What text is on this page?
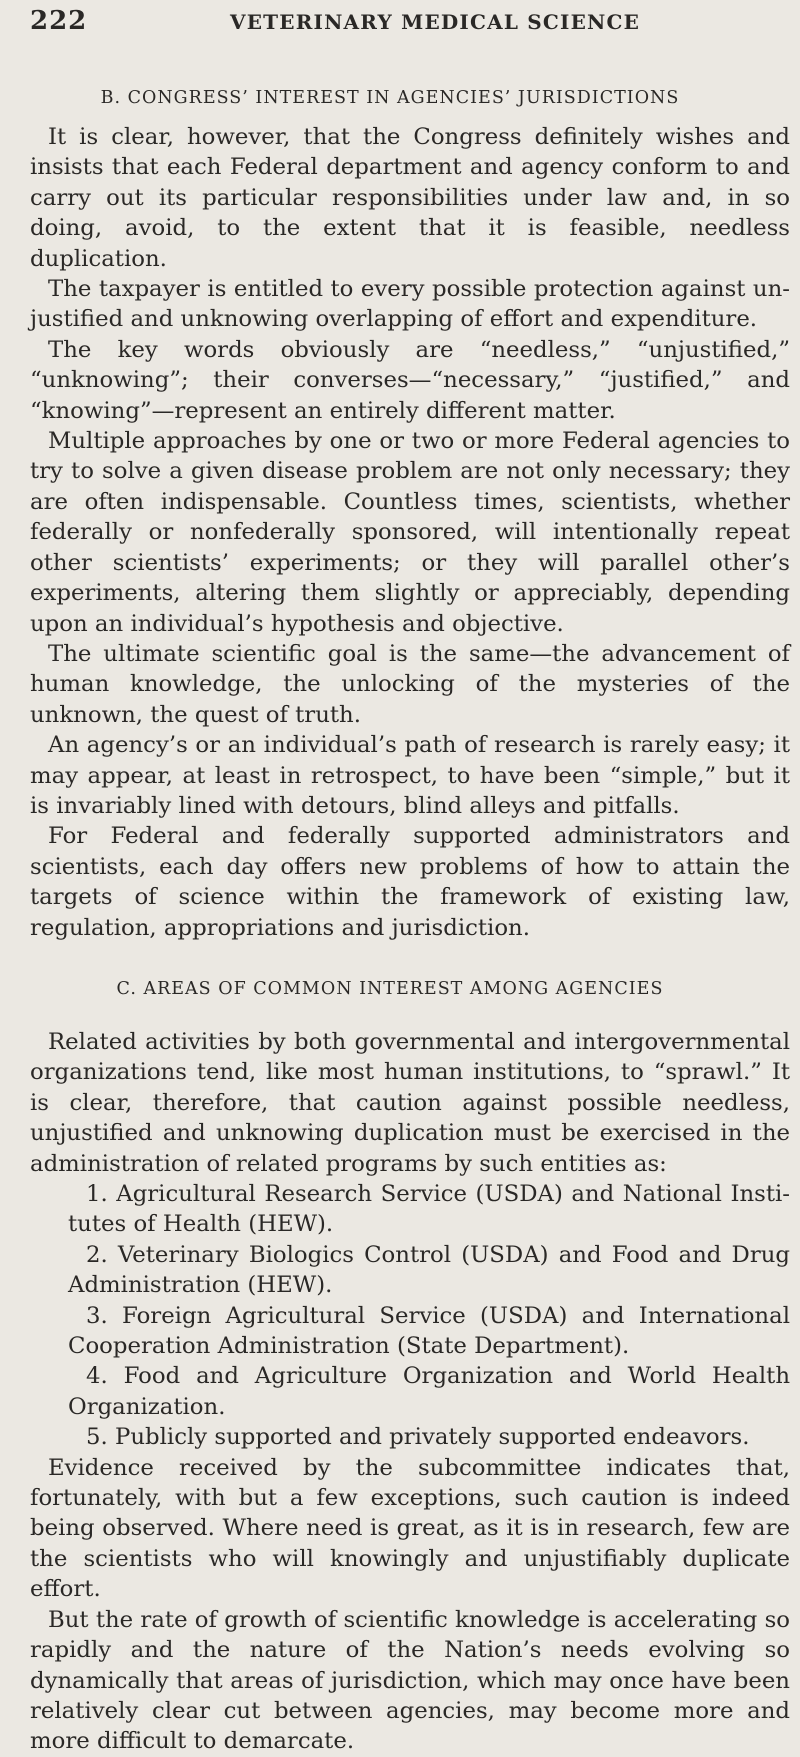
222	VETERINARY MEDICAL SCIENCE
B. CONGRESS’ INTEREST IN AGENCIES’ JURISDICTIONS

It is clear, however, that the Congress definitely wishes and insists that each Federal department and agency conform to and carry out its particular responsibilities under law and, in so doing, avoid, to the extent that it is feasible, needless duplication.

The taxpayer is entitled to every possible protection against unjustified and unknowing overlapping of effort and expenditure.

The key words obviously are “needless,” “unjustified,” “unknowing”; their converses—“necessary,” “justified,” and “knowing”—represent an entirely different matter.

Multiple approaches by one or two or more Federal agencies to try to solve a given disease problem are not only necessary; they are often indispensable. Countless times, scientists, whether federally or nonfederally sponsored, will intentionally repeat other scientists’ experiments; or they will parallel other’s experiments, altering them slightly or appreciably, depending upon an individual’s hypothesis and objective.

The ultimate scientific goal is the same—the advancement of human knowledge, the unlocking of the mysteries of the unknown, the quest of truth.

An agency’s or an individual’s path of research is rarely easy; it may appear, at least in retrospect, to have been “simple,” but it is invariably lined with detours, blind alleys and pitfalls.

For Federal and federally supported administrators and scientists, each day offers new problems of how to attain the targets of science within the framework of existing law, regulation, appropriations and jurisdiction.

C. AREAS OF COMMON INTEREST AMONG AGENCIES

Related activities by both governmental and intergovernmental organizations tend, like most human institutions, to “sprawl.” It is clear, therefore, that caution against possible needless, unjustified and unknowing duplication must be exercised in the administration of related programs by such entities as:

1. Agricultural Research Service (USDA) and National Institutes of Health (HEW).

2. Veterinary Biologics Control (USDA) and Food and Drug Administration (HEW).

3. Foreign Agricultural Service (USDA) and International Cooperation Administration (State Department).

4. Food and Agriculture Organization and World Health Organization.

5. Publicly supported and privately supported endeavors.

Evidence received by the subcommittee indicates that, fortunately, with but a few exceptions, such caution is indeed being observed. Where need is great, as it is in research, few are the scientists who will knowingly and unjustifiably duplicate effort.

But the rate of growth of scientific knowledge is accelerating so rapidly and the nature of the Nation’s needs evolving so dynamically that areas of jurisdiction, which may once have been relatively clear cut between agencies, may become more and more difficult to demarcate.
